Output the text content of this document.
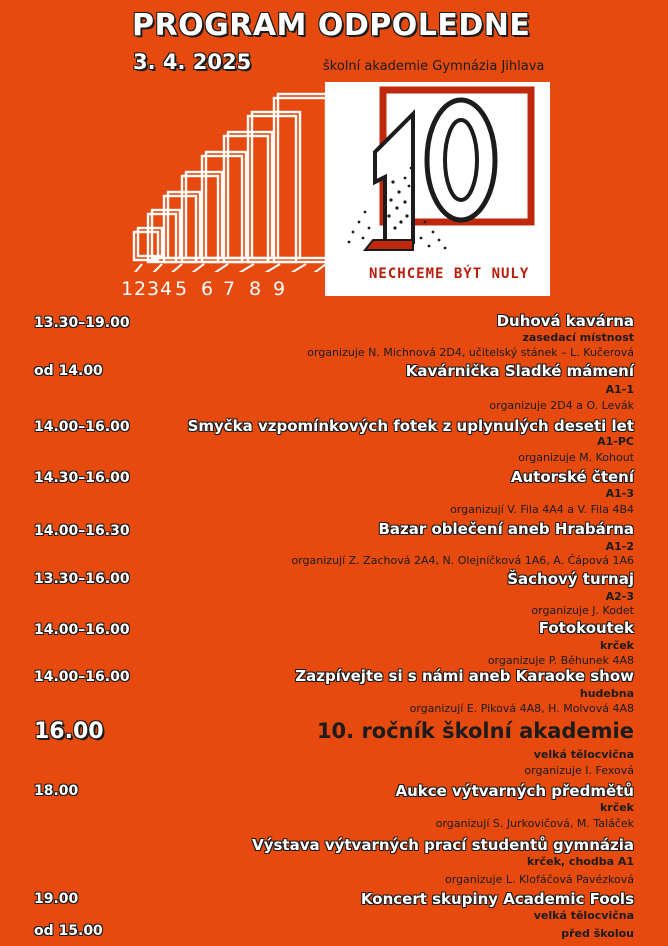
PROGRAM ODPOLEDNE
3. 4. 2025	školní akademie Gymnázia Jihlava
1234 5 6 7 8 9
NECHCEME BÝT NULY
13.30–19.00	Duhová kavárna
zasedací místnost
organizuje N. Michnová 2D4, učitelský stánek – L. Kučerová
od 14.00	Kavárnička Sladké mámení
A1-1
organizuje 2D4 a O. Levák
14.00–16.00	Smyčka vzpomínkových fotek z uplynulých deseti let
A1-PC
organizuje M. Kohout
14.30–16.00	Autorské čtení
A1-3
organizují V. Fila 4A4 a V. Fila 4B4
14.00–16.30	Bazar oblečení aneb Hrabárna
A1-2
organizují Z. Zachová 2A4, N. Olejníčková 1A6, A. Čápová 1A6
13.30–16.00	Šachový turnaj
A2-3
organizuje J. Kodet
14.00–16.00	Fotokoutek
krček
organizuje P. Běhunek 4A8
14.00–16.00	Zazpívejte si s námi aneb Karaoke show
hudebna
organizují E. Piková 4A8, H. Molvová 4A8
16.00	10. ročník školní akademie
velká tělocvična
organizuje I. Fexová
18.00	Aukce výtvarných předmětů
krček
organizují S. Jurkovičová, M. Taláček
Výstava výtvarných prací studentů gymnázia
krček, chodba A1
organizuje L. Klofáčová Pavézková
19.00	Koncert skupiny Academic Fools
velká tělocvična
od 15.00	před školou
